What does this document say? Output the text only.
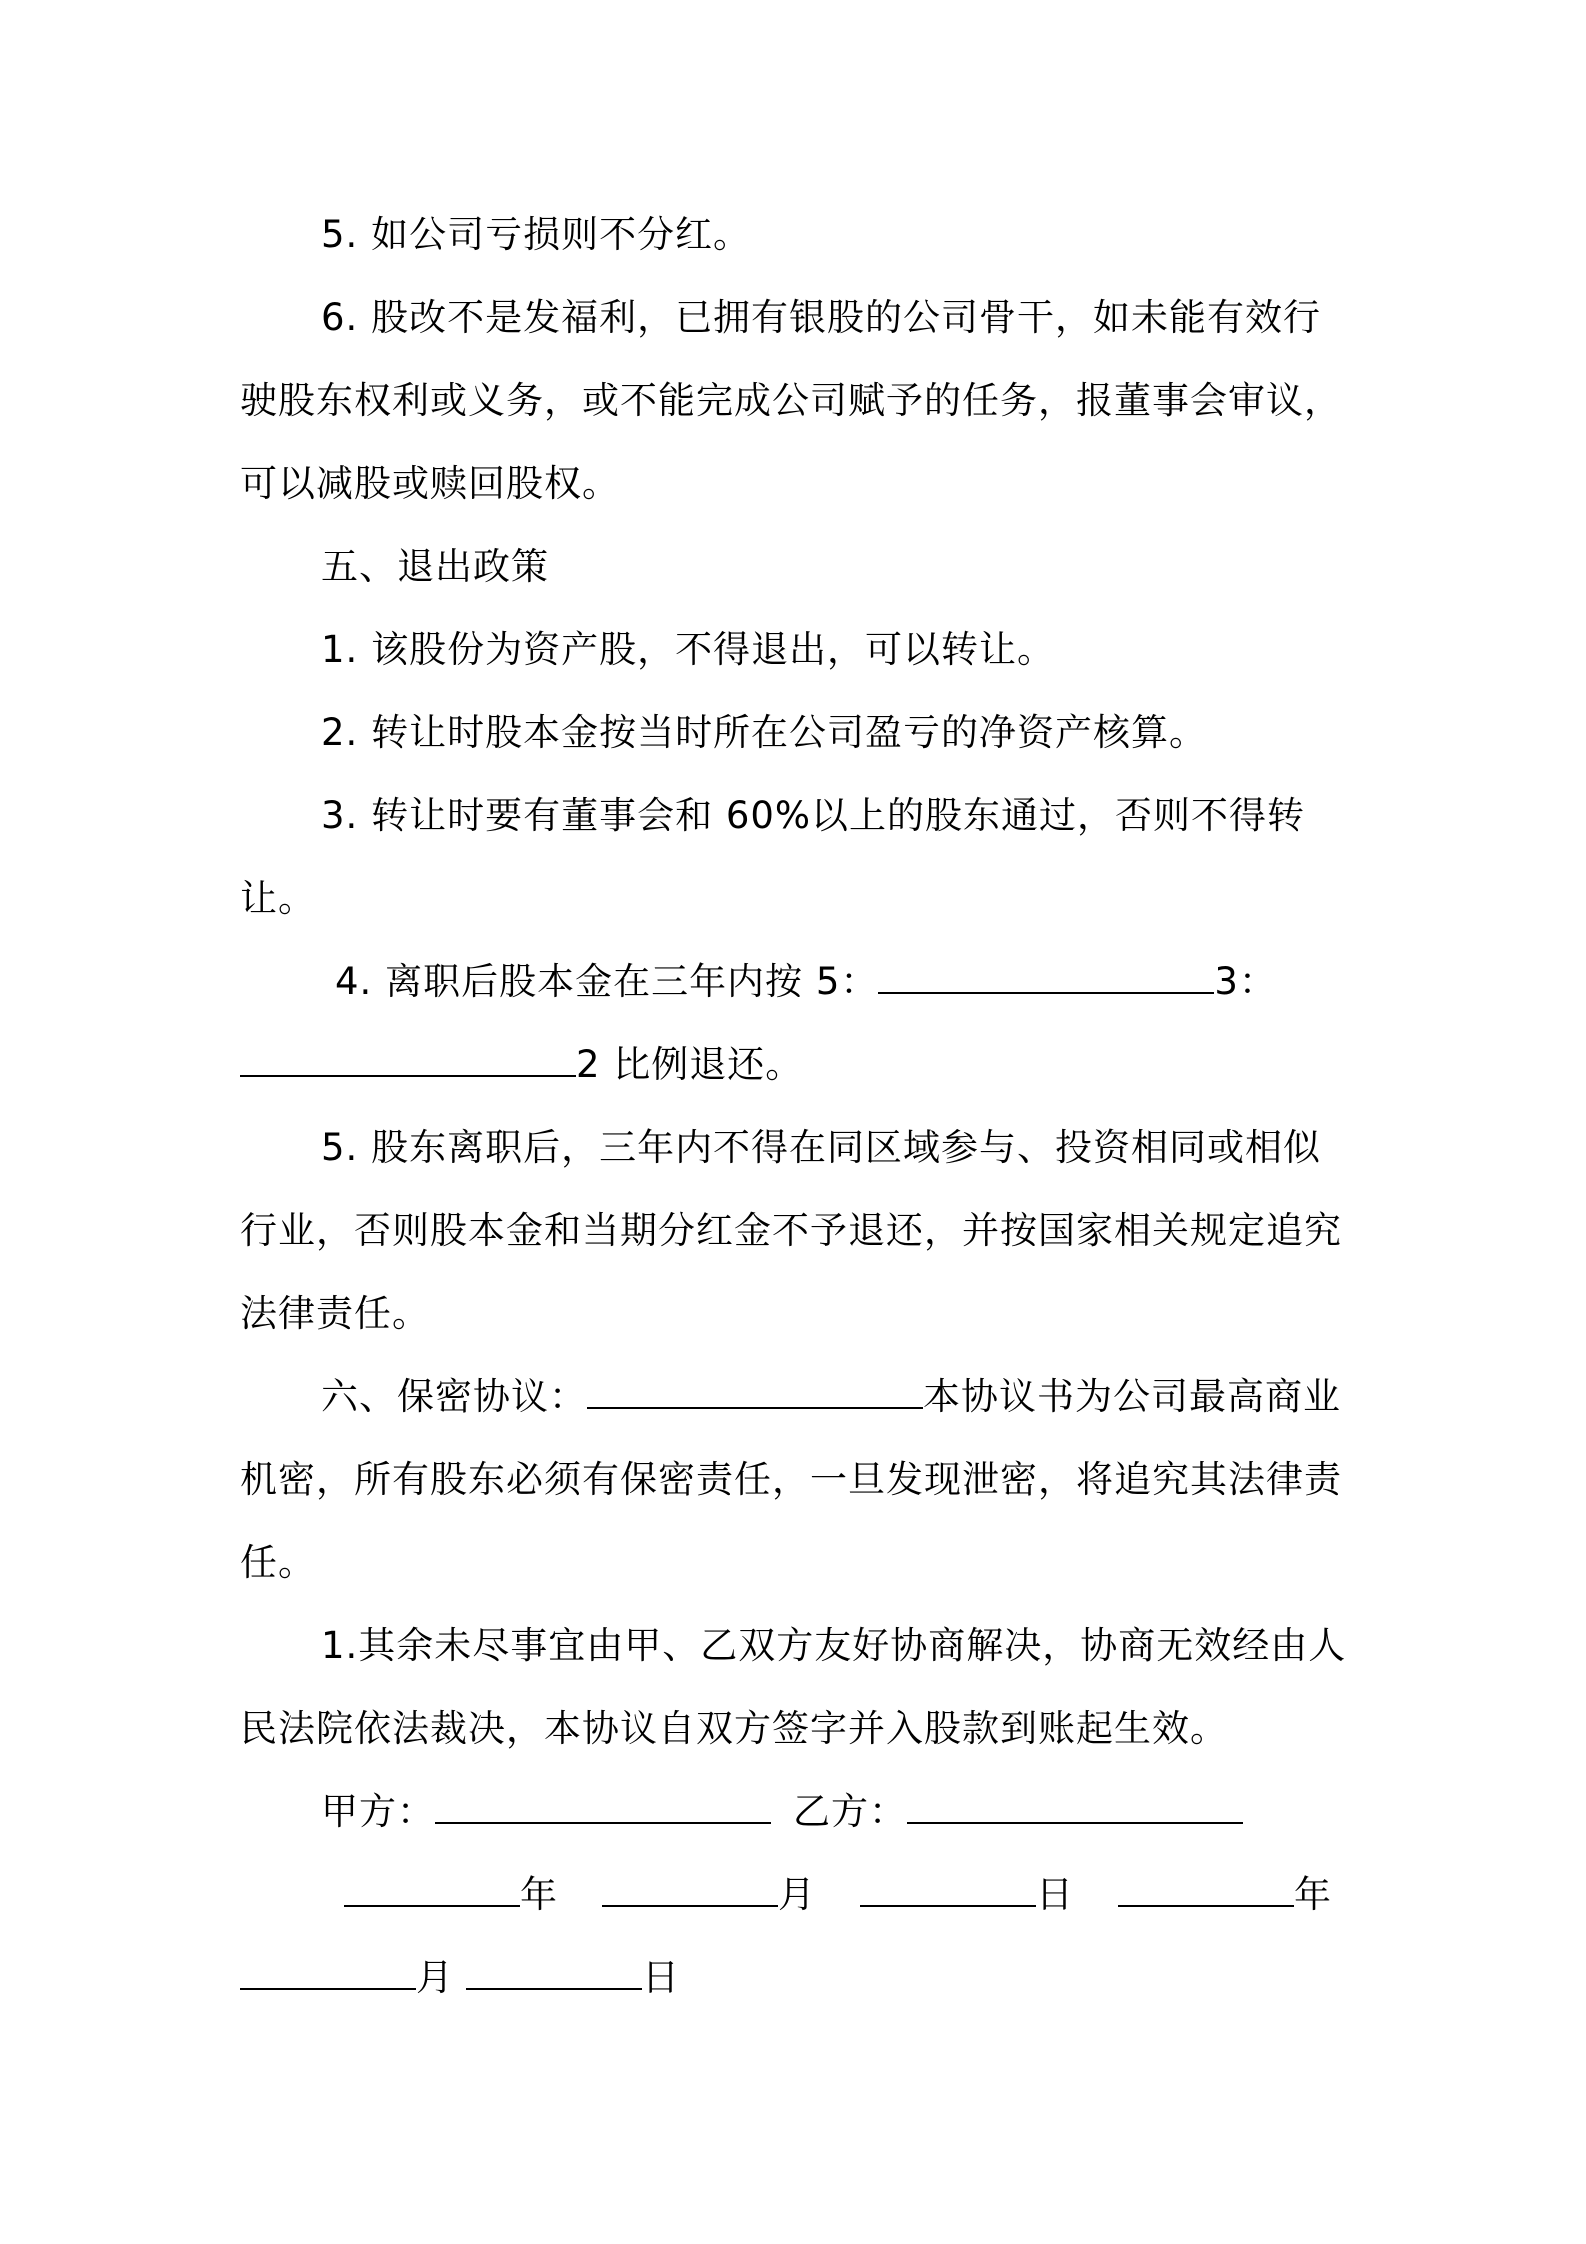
5. 如公司亏损则不分红。

6. 股改不是发福利，已拥有银股的公司骨干，如未能有效行驶股东权利或义务，或不能完成公司赋予的任务，报董事会审议，可以减股或赎回股权。

五、退出政策

1. 该股份为资产股，不得退出，可以转让。

2. 转让时股本金按当时所在公司盈亏的净资产核算。

3. 转让时要有董事会和 60%以上的股东通过，否则不得转让。

4. 离职后股本金在三年内按 5：	3：2 比例退还。

5. 股东离职后，三年内不得在同区域参与、投资相同或相似行业，否则股本金和当期分红金不予退还，并按国家相关规定追究法律责任。

六、保密协议：	本协议书为公司最高商业机密，所有股东必须有保密责任，一旦发现泄密，将追究其法律责任。

1.其余未尽事宜由甲、乙双方友好协商解决，协商无效经由人民法院依法裁决，本协议自双方签字并入股款到账起生效。

甲方：	乙方：

年	月	日	年

月	日
